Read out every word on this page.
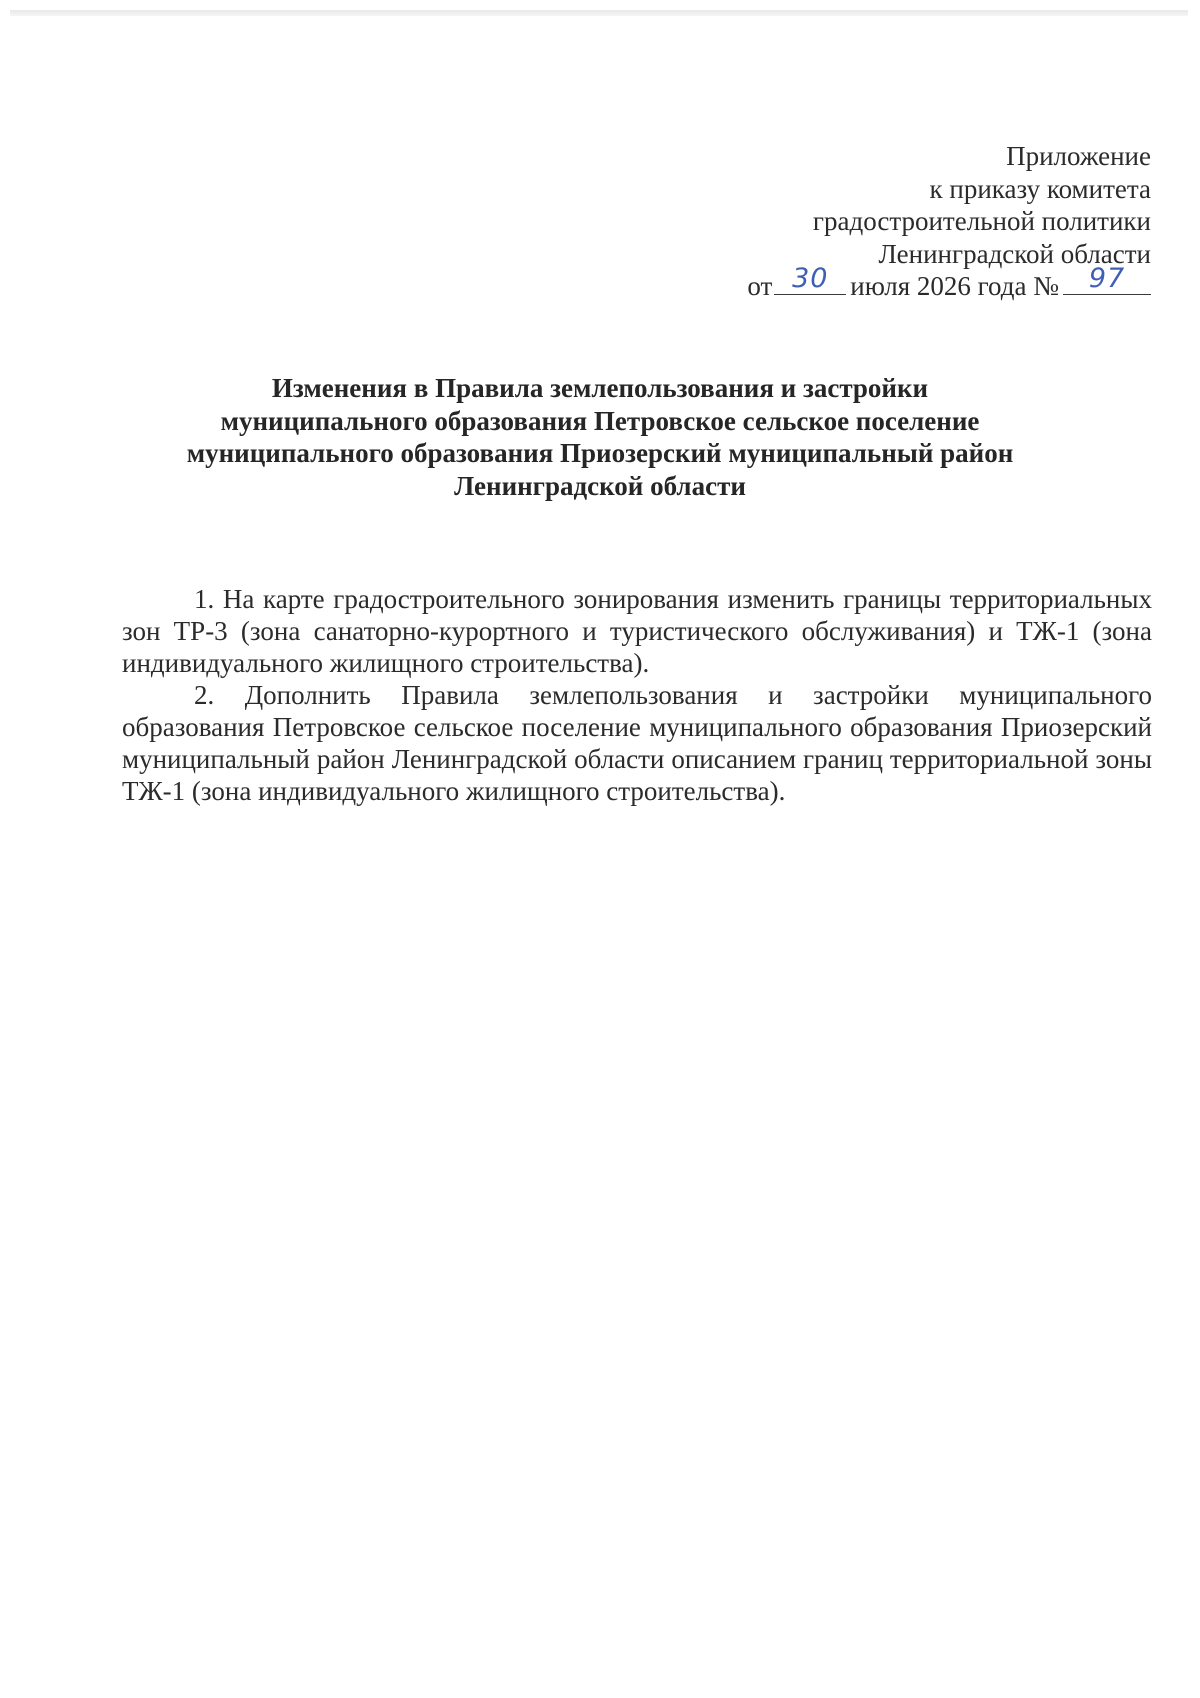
Приложение
к приказу комитета
градостроительной политики
Ленинградской области
от 30 июля 2026 года №	97
Изменения в Правила землепользования и застройки
муниципального образования Петровское сельское поселение
муниципального образования Приозерский муниципальный район
Ленинградской области

1. На карте градостроительного зонирования изменить границы территориальных зон ТР-3 (зона санаторно-курортного и туристического обслуживания) и ТЖ-1 (зона индивидуального жилищного строительства).

2. Дополнить Правила землепользования и застройки муниципального образования Петровское сельское поселение муниципального образования Приозерский муниципальный район Ленинградской области описанием границ территориальной зоны ТЖ-1 (зона индивидуального жилищного строительства).
